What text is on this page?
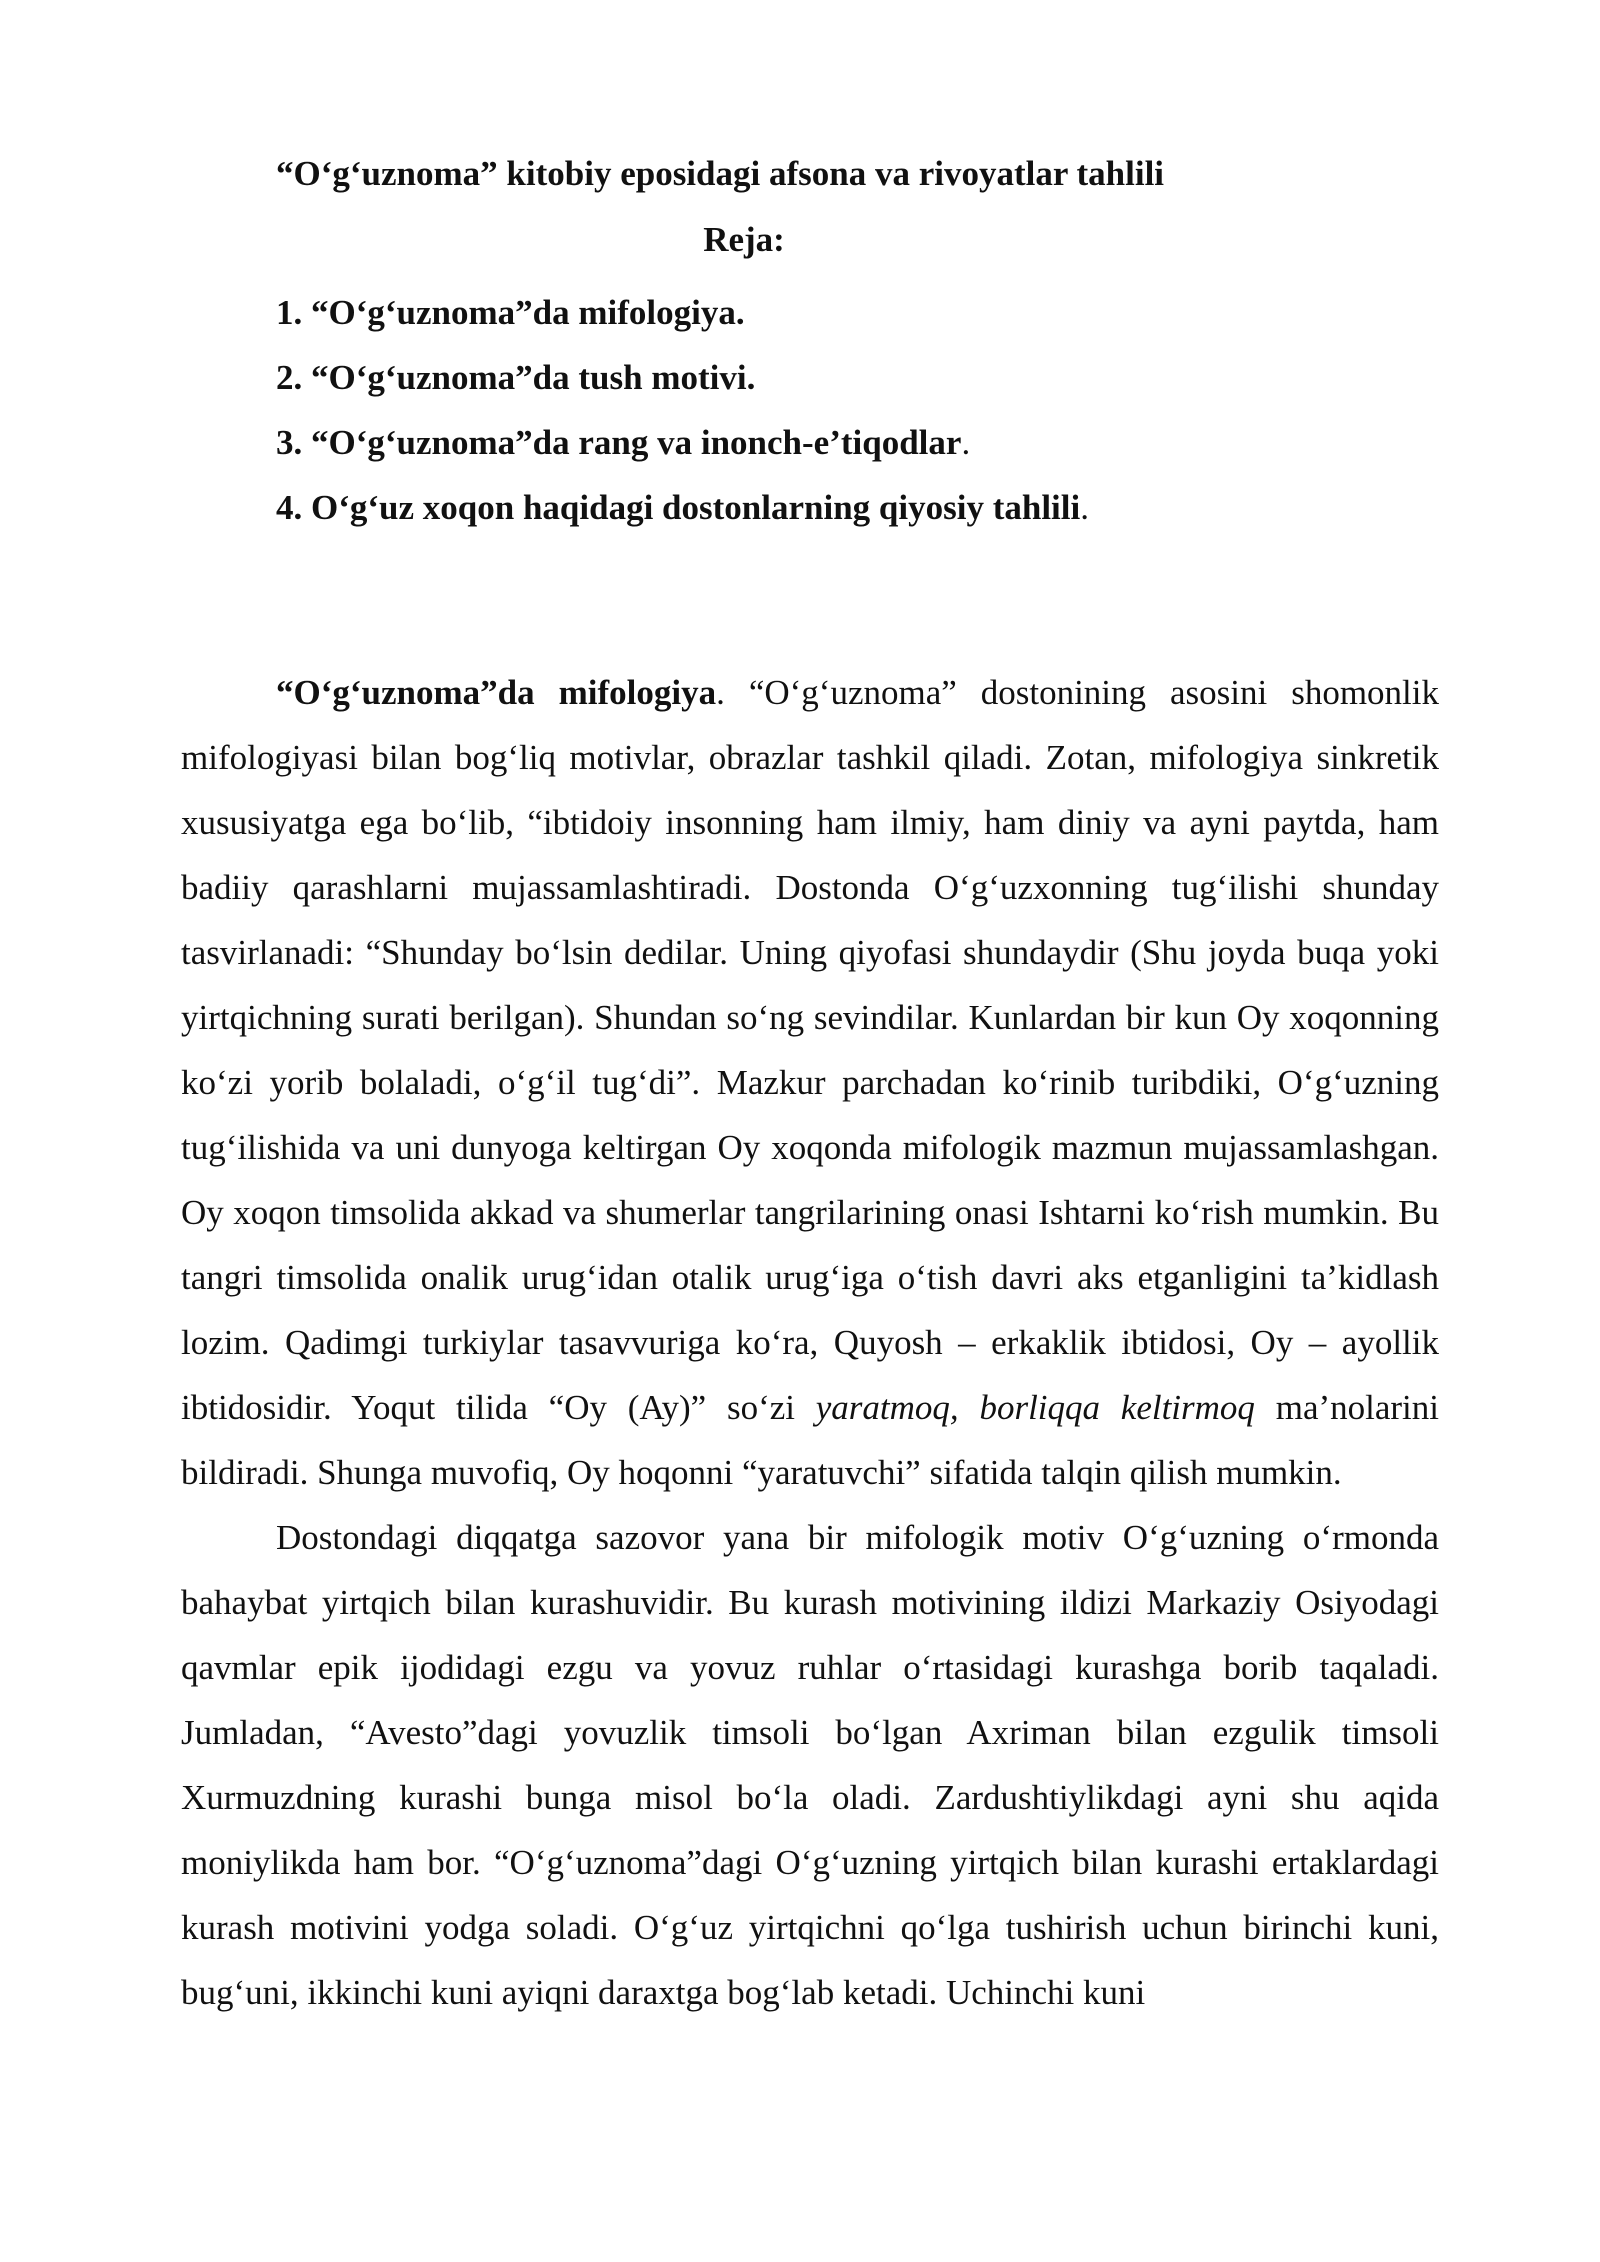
“O‘g‘uznoma” kitobiy eposidagi afsona va rivoyatlar tahlili
Reja:
1. “O‘g‘uznoma”da mifologiya.
2. “O‘g‘uznoma”da tush motivi.
3. “O‘g‘uznoma”da rang va inonch-e’tiqodlar.
4. O‘g‘uz xoqon haqidagi dostonlarning qiyosiy tahlili.

“O‘g‘uznoma”da mifologiya. “O‘g‘uznoma” dostonining asosini shomonlik mifologiyasi bilan bog‘liq motivlar, obrazlar tashkil qiladi. Zotan, mifologiya sinkretik xususiyatga ega bo‘lib, “ibtidoiy insonning ham ilmiy, ham diniy va ayni paytda, ham badiiy qarashlarni mujassamlashtiradi. Dostonda O‘g‘uzxonning tug‘ilishi shunday tasvirlanadi: “Shunday bo‘lsin dedilar. Uning qiyofasi shundaydir (Shu joyda buqa yoki yirtqichning surati berilgan). Shundan so‘ng sevindilar. Kunlardan bir kun Oy xoqonning ko‘zi yorib bolaladi, o‘g‘il tug‘di”. Mazkur parchadan ko‘rinib turibdiki, O‘g‘uzning tug‘ilishida va uni dunyoga keltirgan Oy xoqonda mifologik mazmun mujassamlashgan. Oy xoqon timsolida akkad va shumerlar tangrilarining onasi Ishtarni ko‘rish mumkin. Bu tangri timsolida onalik urug‘idan otalik urug‘iga o‘tish davri aks etganligini ta’kidlash lozim. Qadimgi turkiylar tasavvuriga ko‘ra, Quyosh – erkaklik ibtidosi, Oy – ayollik ibtidosidir. Yoqut tilida “Oy (Ay)” so‘zi yaratmoq, borliqqa keltirmoq ma’nolarini bildiradi. Shunga muvofiq, Oy hoqonni “yaratuvchi” sifatida talqin qilish mumkin.

Dostondagi diqqatga sazovor yana bir mifologik motiv O‘g‘uzning o‘rmonda bahaybat yirtqich bilan kurashuvidir. Bu kurash motivining ildizi Markaziy Osiyodagi qavmlar epik ijodidagi ezgu va yovuz ruhlar o‘rtasidagi kurashga borib taqaladi. Jumladan, “Avesto”dagi yovuzlik timsoli bo‘lgan Axriman bilan ezgulik timsoli Xurmuzdning kurashi bunga misol bo‘la oladi. Zardushtiylikdagi ayni shu aqida moniylikda ham bor. “O‘g‘uznoma”dagi O‘g‘uzning yirtqich bilan kurashi ertaklardagi kurash motivini yodga soladi. O‘g‘uz yirtqichni qo‘lga tushirish uchun birinchi kuni, bug‘uni, ikkinchi kuni ayiqni daraxtga bog‘lab ketadi. Uchinchi kuni
